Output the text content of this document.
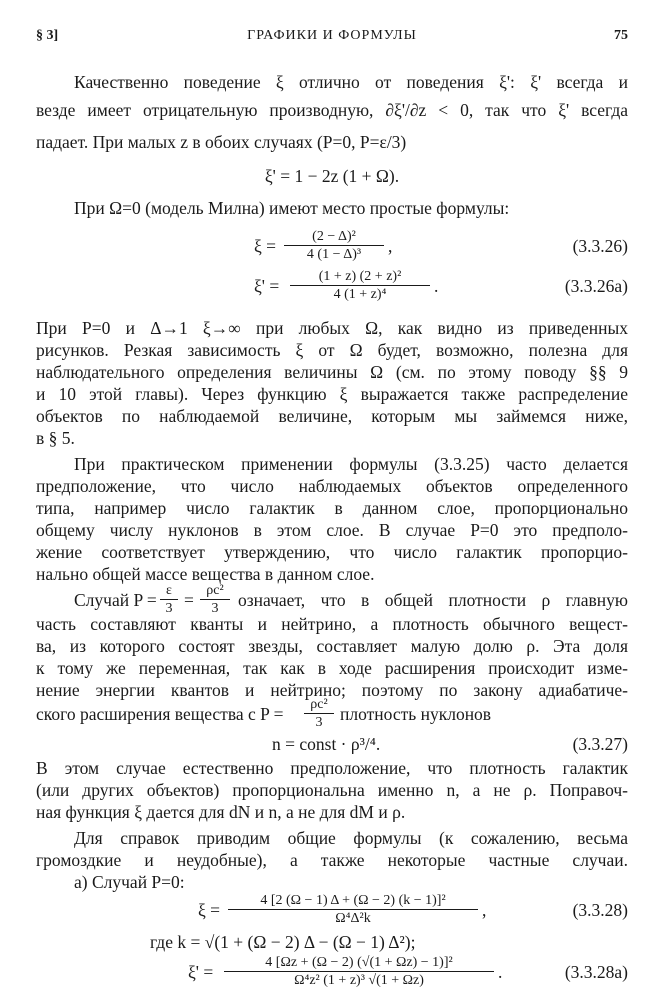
§ 3]	ГРАФИКИ И ФОРМУЛЫ	75
Качественно поведение ξ отлично от поведения ξ': ξ' всегда и
везде имеет отрицательную производную, ∂ξ'/∂z < 0, так что ξ' всегда
падает. При малых z в обоих случаях (P=0, P=ε/3)
ξ' = 1 − 2z (1 + Ω).
При Ω=0 (модель Милна) имеют место простые формулы:
$\xi = \frac{\text{(2 − Δ)²}}{\text{4 (1 − Δ)³}}$ ,	(3.3.26)
$\xi' = \frac{\text{(1 + z) (2 + z)²}}{\text{4 (1 + z)⁴}}$ .	(3.3.26a)
При P=0 и Δ→1 ξ→∞ при любых Ω, как видно из приведенных
рисунков. Резкая зависимость ξ от Ω будет, возможно, полезна для
наблюдательного определения величины Ω (см. по этому поводу §§ 9
и 10 этой главы). Через функцию ξ выражается также распределение
объектов по наблюдаемой величине, которым мы займемся ниже,
в § 5.
При практическом применении формулы (3.3.25) часто делается
предположение, что число наблюдаемых объектов определенного
типа, например число галактик в данном слое, пропорционально
общему числу нуклонов в этом слое. В случае P=0 это предполо-
жение соответствует утверждению, что число галактик пропорцио-
нально общей массе вещества в данном слое.
Случай $P = \frac{\varepsilon}{3} = \frac{\text{ρc²}}{3}$ означает, что в общей плотности ρ главную
часть составляют кванты и нейтрино, а плотность обычного вещест-
ва, из которого состоят звезды, составляет малую долю ρ. Эта доля
к тому же переменная, так как в ходе расширения происходит изме-
нение энергии квантов и нейтрино; поэтому по закону адиабатиче-
ского расширения вещества с $P = \frac{\text{ρc²}}{3}$ плотность нуклонов
n = const · ρ³/⁴.	(3.3.27)
В этом случае естественно предположение, что плотность галактик
(или других объектов) пропорциональна именно n, а не ρ. Поправоч-
ная функция ξ дается для dN и n, а не для dM и ρ.
Для справок приводим общие формулы (к сожалению, весьма
громоздкие и неудобные), а также некоторые частные случаи.
а) Случай P=0:
$\xi = \frac{\text{4 [2 (Ω − 1) Δ + (Ω − 2) (k − 1)]²}}{\text{Ω⁴Δ²k}}$ ,	(3.3.28)
где k = √(1 + (Ω − 2) Δ − (Ω − 1) Δ²);
$\xi' = \frac{\text{4 [Ωz + (Ω − 2) (√(1 + Ωz) − 1)]²}}{\text{Ω⁴z² (1 + z)³ √(1 + Ωz)}}$ .	(3.3.28a)
